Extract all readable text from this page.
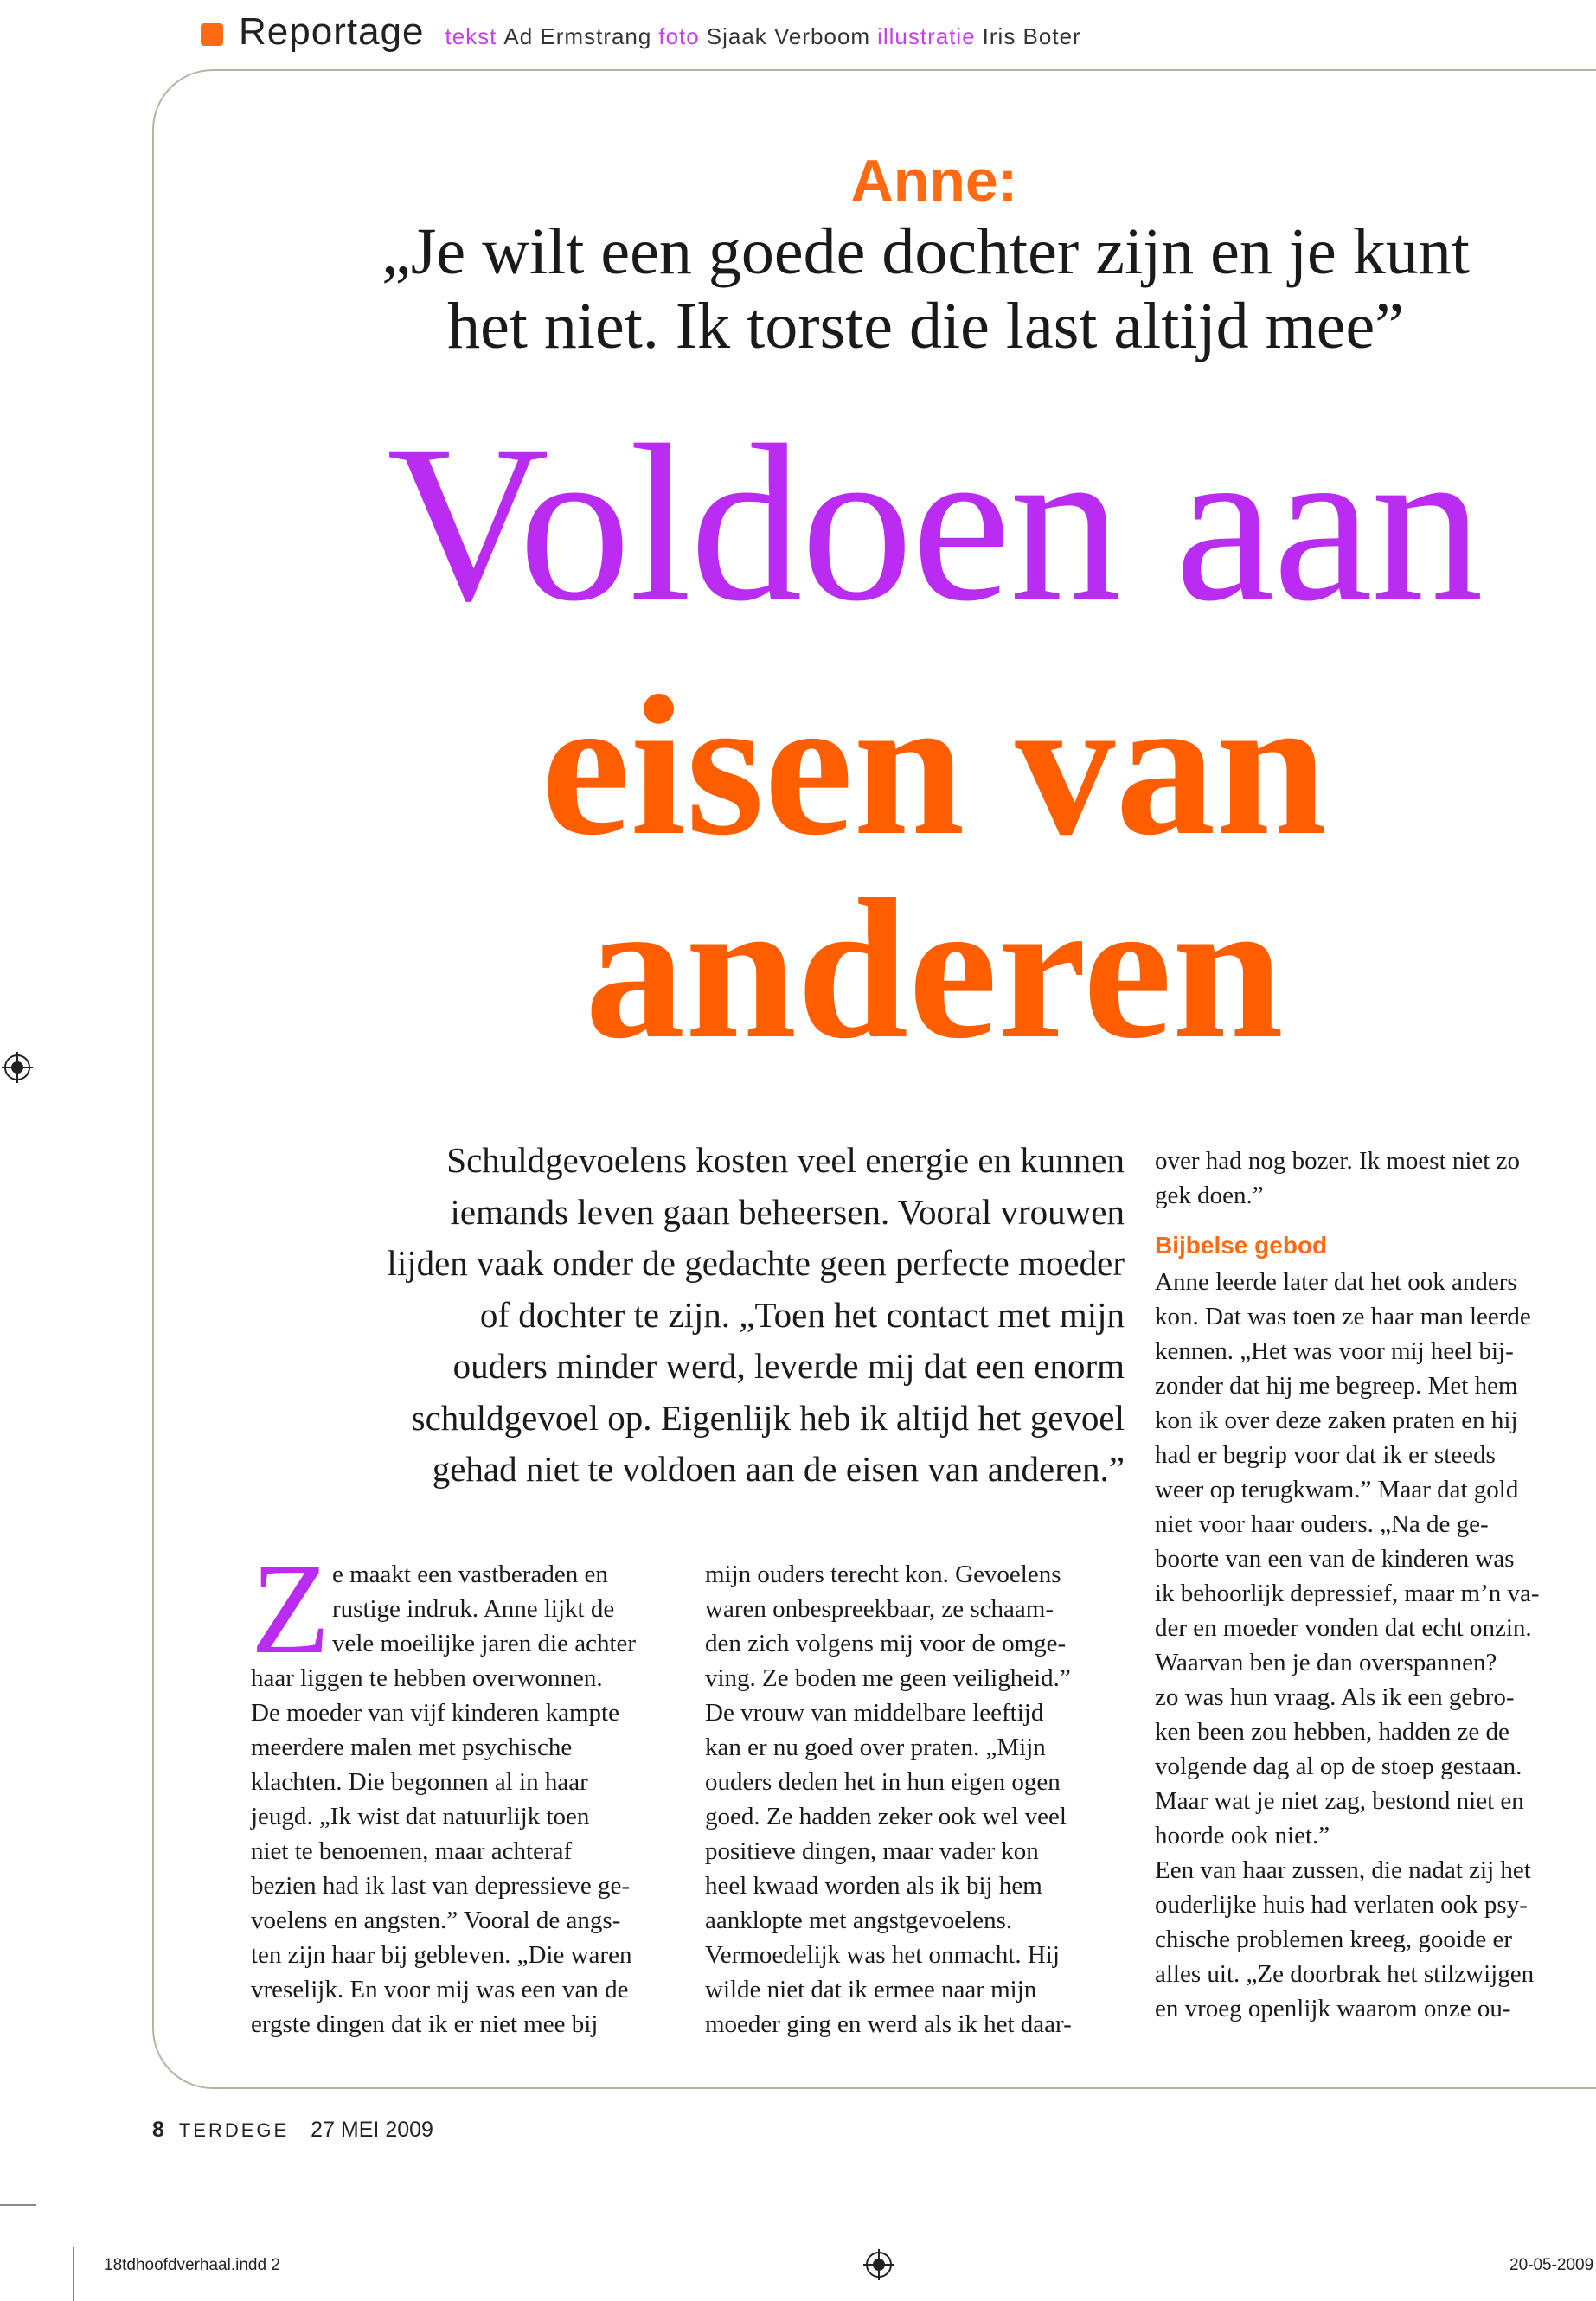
Reportage tekst Ad Ermstrang foto Sjaak Verboom illustratie Iris Boter
Anne:
„Je wilt een goede dochter zijn en je kunt
het niet. Ik torste die last altijd mee”
Voldoen aan
eisen van
anderen

Schuldgevoelens kosten veel energie en kunnen

iemands leven gaan beheersen. Vooral vrouwen

lijden vaak onder de gedachte geen perfecte moeder

of dochter te zijn. „Toen het contact met mijn

ouders minder werd, leverde mij dat een enorm

schuldgevoel op. Eigenlijk heb ik altijd het gevoel

gehad niet te voldoen aan de eisen van anderen.”

Z e maakt een vastberaden en

rustige indruk. Anne lijkt de

vele moeilijke jaren die achter

haar liggen te hebben overwonnen.

De moeder van vijf kinderen kampte

meerdere malen met psychische

klachten. Die begonnen al in haar

jeugd. „Ik wist dat natuurlijk toen

niet te benoemen, maar achteraf

bezien had ik last van depressieve ge-

voelens en angsten.” Vooral de angs-

ten zijn haar bij gebleven. „Die waren

vreselijk. En voor mij was een van de

ergste dingen dat ik er niet mee bij

mijn ouders terecht kon. Gevoelens

waren onbespreekbaar, ze schaam-

den zich volgens mij voor de omge-

ving. Ze boden me geen veiligheid.”

De vrouw van middelbare leeftijd

kan er nu goed over praten. „Mijn

ouders deden het in hun eigen ogen

goed. Ze hadden zeker ook wel veel

positieve dingen, maar vader kon

heel kwaad worden als ik bij hem

aanklopte met angstgevoelens.

Vermoedelijk was het onmacht. Hij

wilde niet dat ik ermee naar mijn

moeder ging en werd als ik het daar-

over had nog bozer. Ik moest niet zo

gek doen.”

Bijbelse gebod

Anne leerde later dat het ook anders

kon. Dat was toen ze haar man leerde

kennen. „Het was voor mij heel bij-

zonder dat hij me begreep. Met hem

kon ik over deze zaken praten en hij

had er begrip voor dat ik er steeds

weer op terugkwam.” Maar dat gold

niet voor haar ouders. „Na de ge-

boorte van een van de kinderen was

ik behoorlijk depressief, maar m’n va-

der en moeder vonden dat echt onzin.

Waarvan ben je dan overspannen?

zo was hun vraag. Als ik een gebro-

ken been zou hebben, hadden ze de

volgende dag al op de stoep gestaan.

Maar wat je niet zag, bestond niet en

hoorde ook niet.”

Een van haar zussen, die nadat zij het

ouderlijke huis had verlaten ook psy-

chische problemen kreeg, gooide er

alles uit. „Ze doorbrak het stilzwijgen

en vroeg openlijk waarom onze ou-

8 TERDEGE 27 MEI 2009
18tdhoofdverhaal.indd 2	20-05-2009
